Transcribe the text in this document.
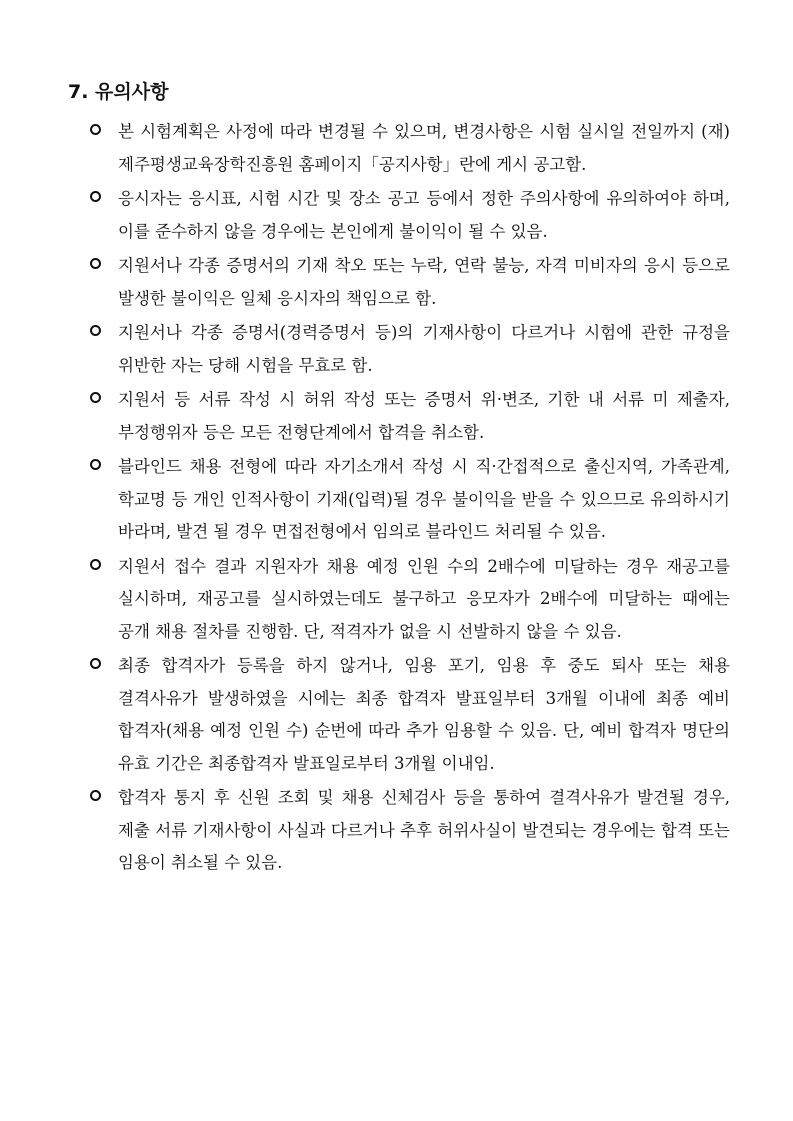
7. 유의사항
본 시험계획은 사정에 따라 변경될 수 있으며, 변경사항은 시험 실시일 전일까지 (재)제주평생교육장학진흥원 홈페이지「공지사항」란에 게시 공고함.
응시자는 응시표, 시험 시간 및 장소 공고 등에서 정한 주의사항에 유의하여야 하며, 이를 준수하지 않을 경우에는 본인에게 불이익이 될 수 있음.
지원서나 각종 증명서의 기재 착오 또는 누락, 연락 불능, 자격 미비자의 응시 등으로 발생한 불이익은 일체 응시자의 책임으로 함.
지원서나 각종 증명서(경력증명서 등)의 기재사항이 다르거나 시험에 관한 규정을 위반한 자는 당해 시험을 무효로 함.
지원서 등 서류 작성 시 허위 작성 또는 증명서 위·변조, 기한 내 서류 미 제출자, 부정행위자 등은 모든 전형단계에서 합격을 취소함.
블라인드 채용 전형에 따라 자기소개서 작성 시 직·간접적으로 출신지역, 가족관계, 학교명 등 개인 인적사항이 기재(입력)될 경우 불이익을 받을 수 있으므로 유의하시기 바라며, 발견 될 경우 면접전형에서 임의로 블라인드 처리될 수 있음.
지원서 접수 결과 지원자가 채용 예정 인원 수의 2배수에 미달하는 경우 재공고를 실시하며, 재공고를 실시하였는데도 불구하고 응모자가 2배수에 미달하는 때에는 공개 채용 절차를 진행함. 단, 적격자가 없을 시 선발하지 않을 수 있음.
최종 합격자가 등록을 하지 않거나, 임용 포기, 임용 후 중도 퇴사 또는 채용 결격사유가 발생하였을 시에는 최종 합격자 발표일부터 3개월 이내에 최종 예비 합격자(채용 예정 인원 수) 순번에 따라 추가 임용할 수 있음. 단, 예비 합격자 명단의 유효 기간은 최종합격자 발표일로부터 3개월 이내임.
합격자 통지 후 신원 조회 및 채용 신체검사 등을 통하여 결격사유가 발견될 경우, 제출 서류 기재사항이 사실과 다르거나 추후 허위사실이 발견되는 경우에는 합격 또는 임용이 취소될 수 있음.
